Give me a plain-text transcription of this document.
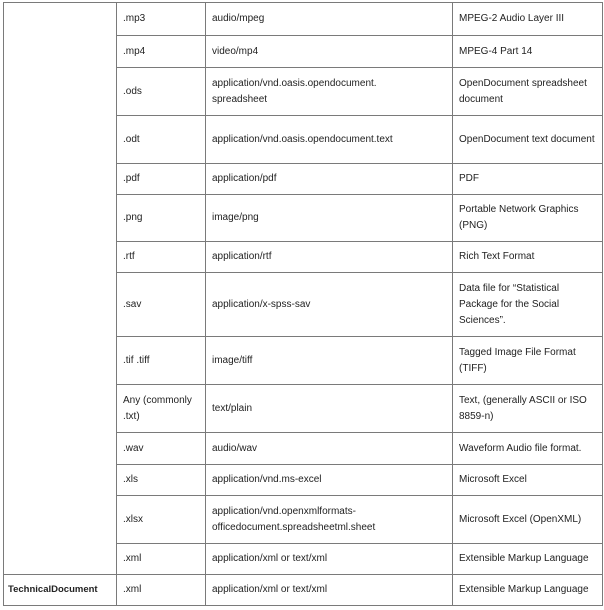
	.mp3	audio/mpeg	MPEG-2 Audio Layer III
	.mp4	video/mp4	MPEG-4 Part 14
	.ods	application/vnd.oasis.opendocument.
spreadsheet	OpenDocument spreadsheet document
	.odt	application/vnd.oasis.opendocument.text	OpenDocument text document
	.pdf	application/pdf	PDF
	.png	image/png	Portable Network Graphics (PNG)
	.rtf	application/rtf	Rich Text Format
	.sav	application/x-spss-sav	Data file for “Statistical Package for the Social Sciences”.
	.tif .tiff	image/tiff	Tagged Image File Format (TIFF)
	Any (commonly .txt)	text/plain	Text, (generally ASCII or ISO 8859-n)
	.wav	audio/wav	Waveform Audio file format.
	.xls	application/vnd.ms-excel	Microsoft Excel
	.xlsx	application/vnd.openxmlformats-
officedocument.spreadsheetml.sheet	Microsoft Excel (OpenXML)
	.xml	application/xml or text/xml	Extensible Markup Language
TechnicalDocument	.xml	application/xml or text/xml	Extensible Markup Language
